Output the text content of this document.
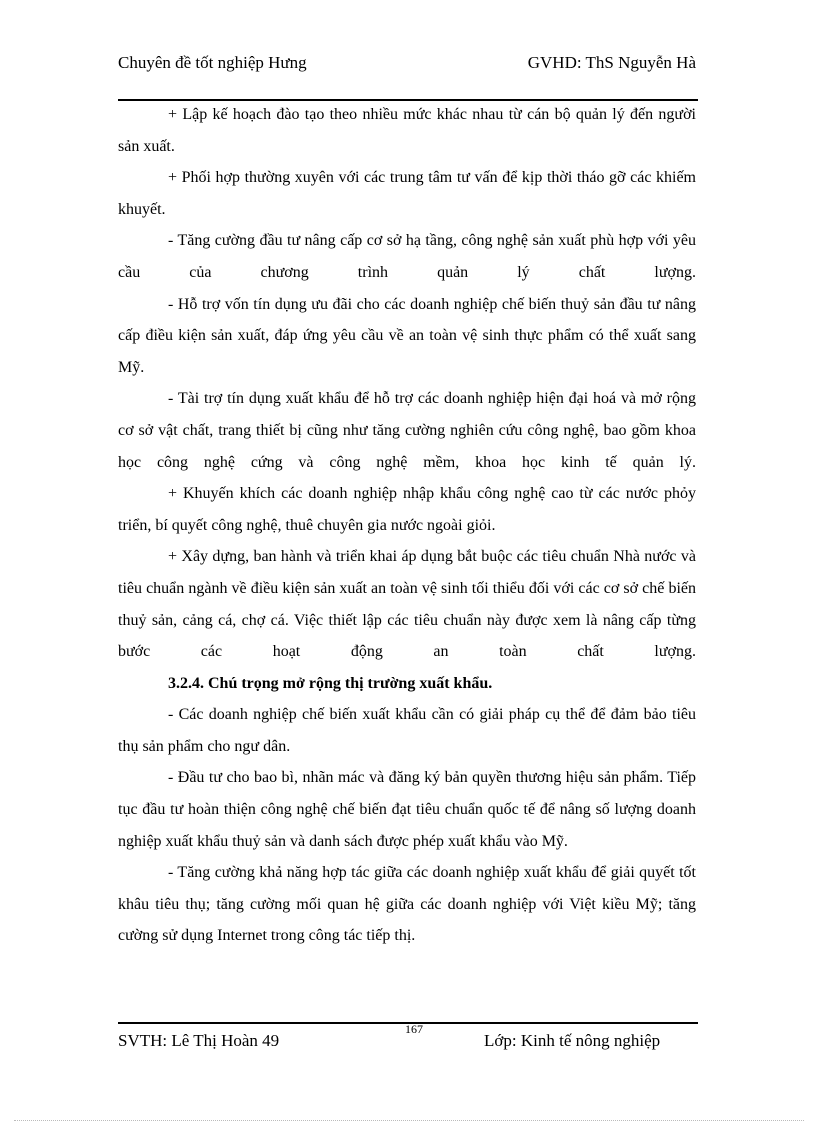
Chuyên đề tốt nghiệp Hưng	GVHD: ThS Nguyễn Hà

+ Lập kế hoạch đào tạo theo nhiều mức khác nhau từ cán bộ quản lý đến người sản xuất.

+ Phối hợp thường xuyên với các trung tâm tư vấn để kịp thời tháo gỡ các khiếm khuyết.

- Tăng cường đầu tư nâng cấp cơ sở hạ tầng, công nghệ sản xuất phù hợp với yêu cầu của chương trình quản lý chất lượng.

- Hỗ trợ vốn tín dụng ưu đãi cho các doanh nghiệp chế biến thuỷ sản đầu tư nâng cấp điều kiện sản xuất, đáp ứng yêu cầu về an toàn vệ sinh thực phẩm có thể xuất sang Mỹ.

- Tài trợ tín dụng xuất khẩu để hỗ trợ các doanh nghiệp hiện đại hoá và mở rộng cơ sở vật chất, trang thiết bị cũng như tăng cường nghiên cứu công nghệ, bao gồm khoa học công nghệ cứng và công nghệ mềm, khoa học kinh tế quản lý.

+ Khuyến khích các doanh nghiệp nhập khẩu công nghệ cao từ các nước phỏy triển, bí quyết công nghệ, thuê chuyên gia nước ngoài giỏi.

+ Xây dựng, ban hành và triển khai áp dụng bắt buộc các tiêu chuẩn Nhà nước và tiêu chuẩn ngành về điều kiện sản xuất an toàn vệ sinh tối thiểu đối với các cơ sở chế biến thuỷ sản, cảng cá, chợ cá. Việc thiết lập các tiêu chuẩn này được xem là nâng cấp từng bước các hoạt động an toàn chất lượng.

3.2.4. Chú trọng mở rộng thị trường xuất khẩu.

- Các doanh nghiệp chế biến xuất khẩu cần có giải pháp cụ thể để đảm bảo tiêu thụ sản phẩm cho ngư dân.

- Đầu tư cho bao bì, nhãn mác và đăng ký bản quyền thương hiệu sản phẩm. Tiếp tục đầu tư hoàn thiện công nghệ chế biến đạt tiêu chuẩn quốc tế để nâng số lượng doanh nghiệp xuất khẩu thuỷ sản và danh sách được phép xuất khẩu vào Mỹ.

- Tăng cường khả năng hợp tác giữa các doanh nghiệp xuất khẩu để giải quyết tốt khâu tiêu thụ; tăng cường mối quan hệ giữa các doanh nghiệp với Việt kiều Mỹ; tăng cường sử dụng Internet trong công tác tiếp thị.

SVTH: Lê Thị Hoàn 49
167
Lớp: Kinh tế nông nghiệp
